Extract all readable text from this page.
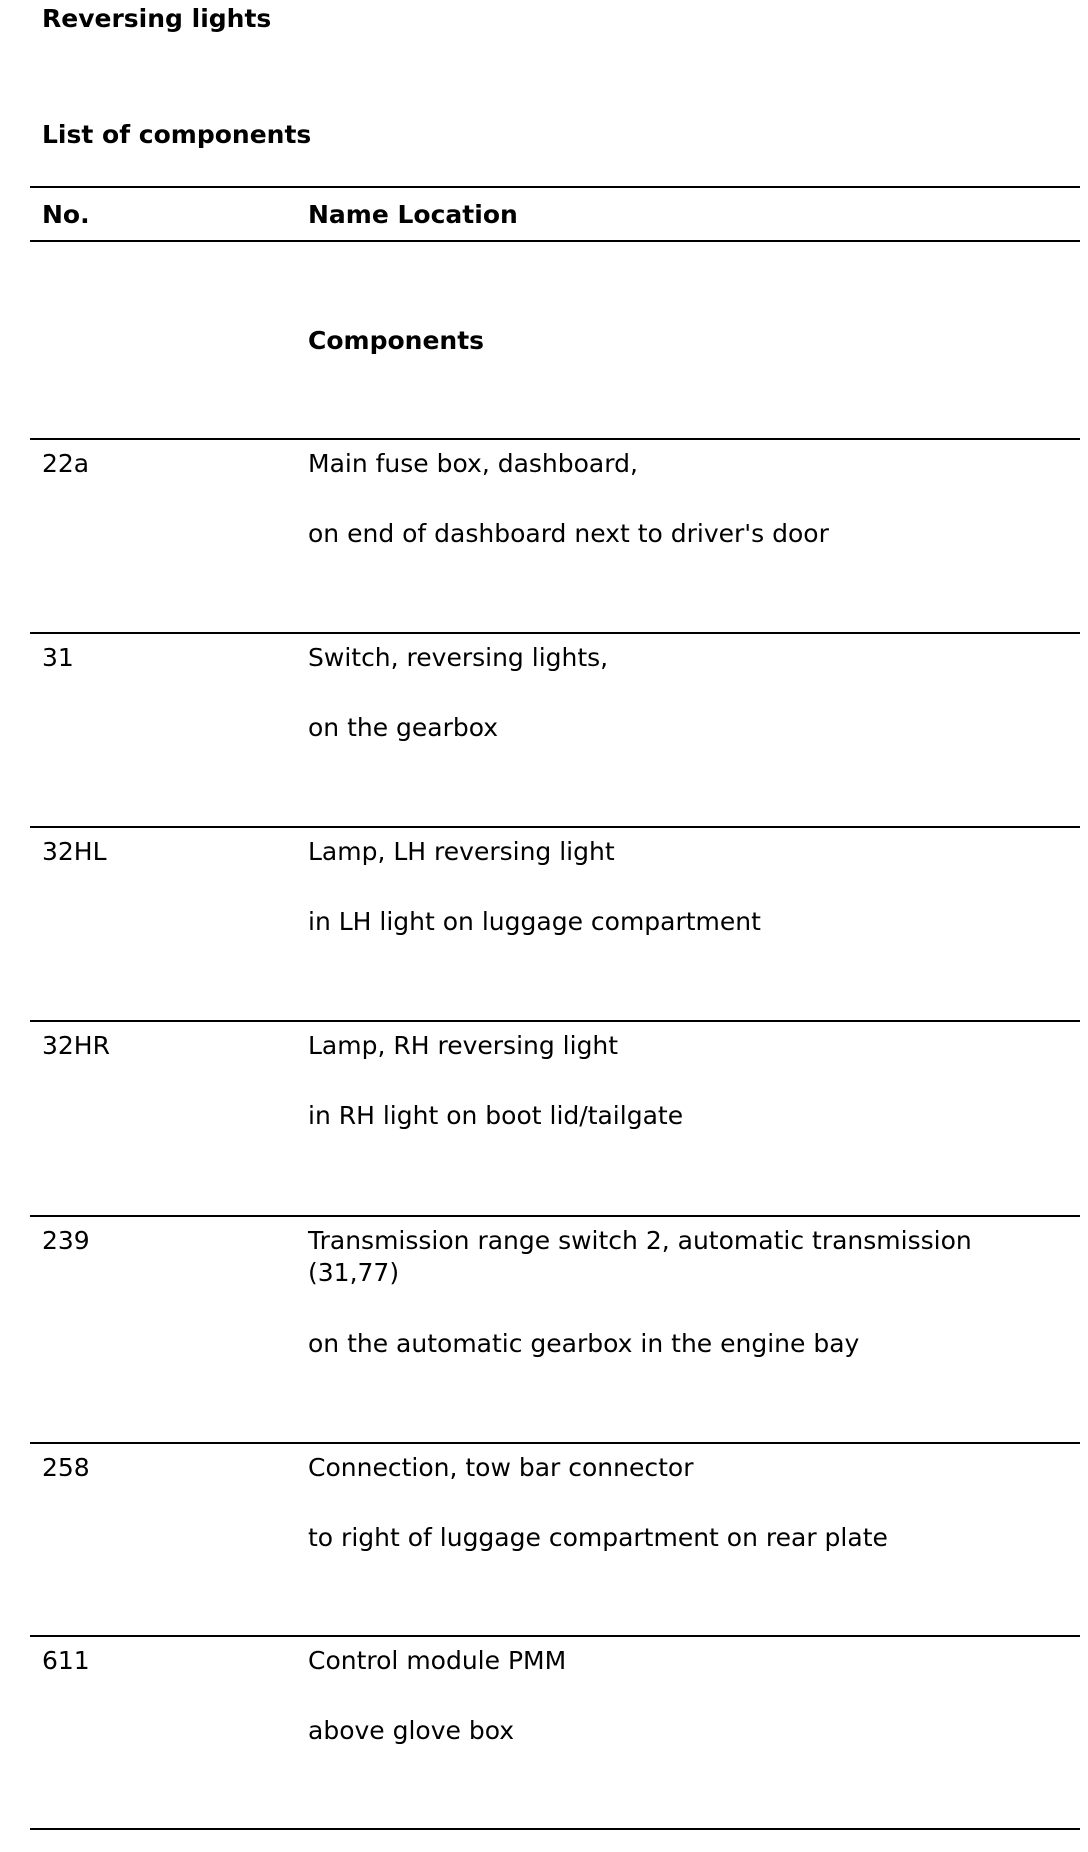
Reversing lights
List of components
No.	Name Location
Components
22a	Main fuse box, dashboard,
on end of dashboard next to driver's door
31	Switch, reversing lights,
on the gearbox
32HL	Lamp, LH reversing light
in LH light on luggage compartment
32HR	Lamp, RH reversing light
in RH light on boot lid/tailgate
239	Transmission range switch 2, automatic transmission (31,77)
on the automatic gearbox in the engine bay
258	Connection, tow bar connector
to right of luggage compartment on rear plate
611	Control module PMM
above glove box
